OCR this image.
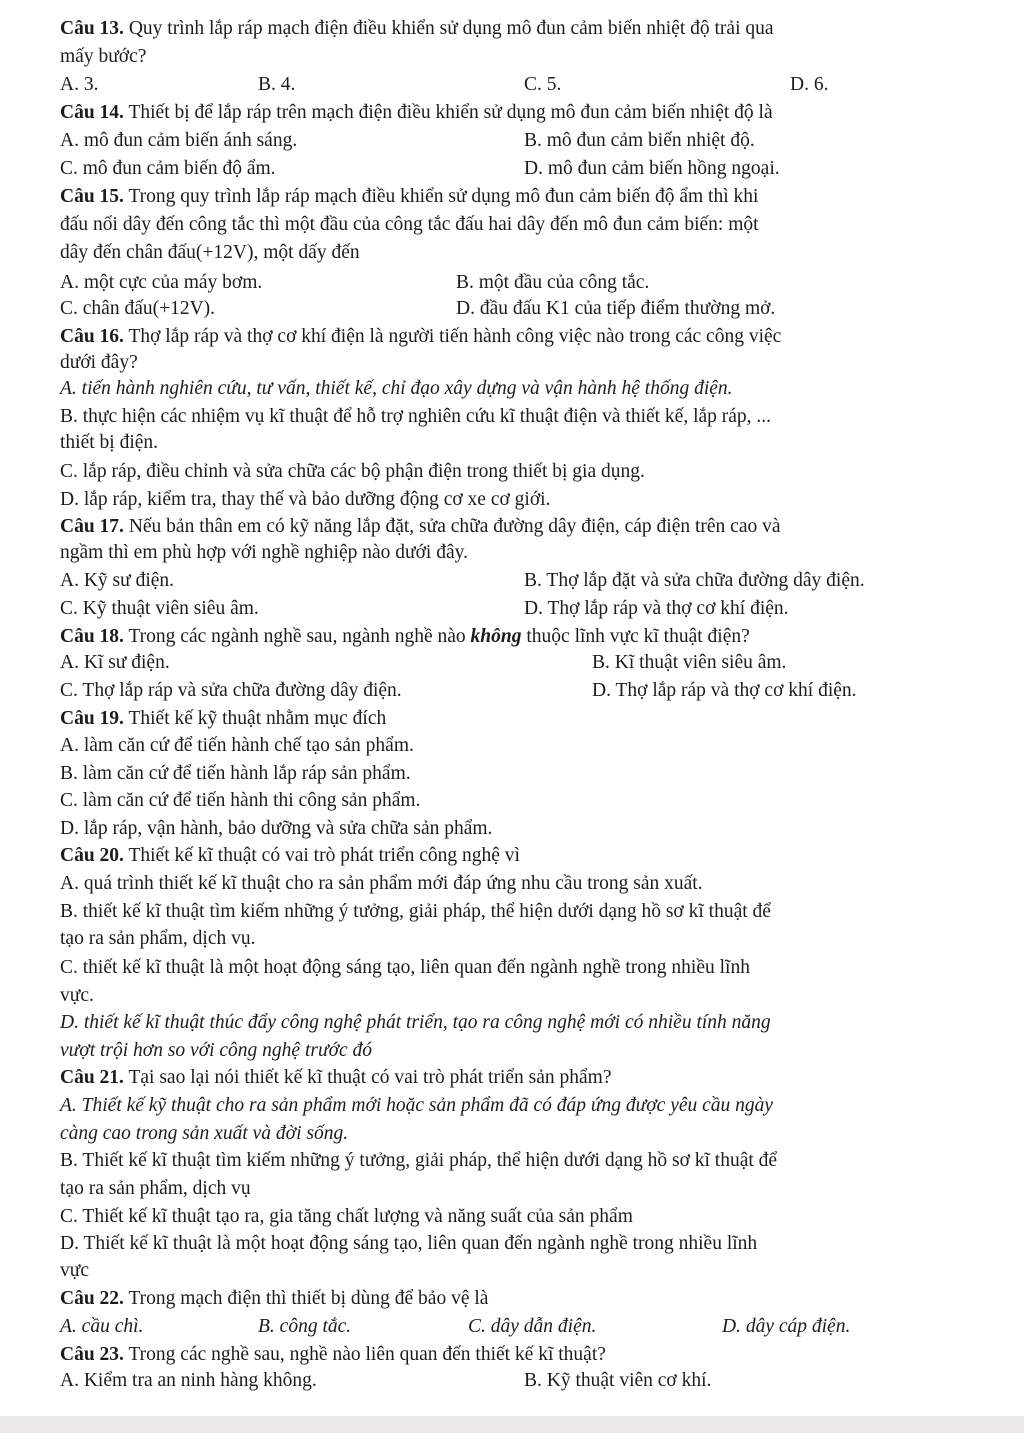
Câu 13. Quy trình lắp ráp mạch điện điều khiển sử dụng mô đun cảm biến nhiệt độ trải qua
mấy bước?
A. 3.	B. 4.	C. 5.	D. 6.
Câu 14. Thiết bị để lắp ráp trên mạch điện điều khiển sử dụng mô đun cảm biến nhiệt độ là
A. mô đun cảm biến ánh sáng.	B. mô đun cảm biến nhiệt độ.
C. mô đun cảm biến độ ẩm.	D. mô đun cảm biến hồng ngoại.
Câu 15. Trong quy trình lắp ráp mạch điều khiển sử dụng mô đun cảm biến độ ẩm thì khi
đấu nối dây đến công tắc thì một đầu của công tắc đấu hai dây đến mô đun cảm biến: một
dây đến chân đấu(+12V), một dấy đến
A. một cực của máy bơm.	B. một đầu của công tắc.
C. chân đấu(+12V).	D. đầu đấu K1 của tiếp điểm thường mở.
Câu 16. Thợ lắp ráp và thợ cơ khí điện là người tiến hành công việc nào trong các công việc
dưới đây?
A. tiến hành nghiên cứu, tư vấn, thiết kế, chỉ đạo xây dựng và vận hành hệ thống điện.
B. thực hiện các nhiệm vụ kĩ thuật để hỗ trợ nghiên cứu kĩ thuật điện và thiết kế, lắp ráp, ...
thiết bị điện.
C. lắp ráp, điều chỉnh và sửa chữa các bộ phận điện trong thiết bị gia dụng.
D. lắp ráp, kiểm tra, thay thế và bảo dưỡng động cơ xe cơ giới.
Câu 17. Nếu bản thân em có kỹ năng lắp đặt, sửa chữa đường dây điện, cáp điện trên cao và
ngầm thì em phù hợp với nghề nghiệp nào dưới đây.
A. Kỹ sư điện.	B. Thợ lắp đặt và sửa chữa đường dây điện.
C. Kỹ thuật viên siêu âm.	D. Thợ lắp ráp và thợ cơ khí điện.
Câu 18. Trong các ngành nghề sau, ngành nghề nào không thuộc lĩnh vực kĩ thuật điện?
A. Kĩ sư điện.	B. Kĩ thuật viên siêu âm.
C. Thợ lắp ráp và sửa chữa đường dây điện.	D. Thợ lắp ráp và thợ cơ khí điện.
Câu 19. Thiết kế kỹ thuật nhằm mục đích
A. làm căn cứ để tiến hành chế tạo sản phẩm.
B. làm căn cứ để tiến hành lắp ráp sản phẩm.
C. làm căn cứ để tiến hành thi công sản phẩm.
D. lắp ráp, vận hành, bảo dưỡng và sửa chữa sản phẩm.
Câu 20. Thiết kế kĩ thuật có vai trò phát triển công nghệ vì
A. quá trình thiết kế kĩ thuật cho ra sản phẩm mới đáp ứng nhu cầu trong sản xuất.
B. thiết kế kĩ thuật tìm kiếm những ý tưởng, giải pháp, thể hiện dưới dạng hồ sơ kĩ thuật để
tạo ra sản phẩm, dịch vụ.
C. thiết kế kĩ thuật là một hoạt động sáng tạo, liên quan đến ngành nghề trong nhiều lĩnh
vực.
D. thiết kế kĩ thuật thúc đẩy công nghệ phát triển, tạo ra công nghệ mới có nhiều tính năng
vượt trội hơn so với công nghệ trước đó
Câu 21. Tại sao lại nói thiết kế kĩ thuật có vai trò phát triển sản phẩm?
A. Thiết kế kỹ thuật cho ra sản phẩm mới hoặc sản phẩm đã có đáp ứng được yêu cầu ngày
càng cao trong sản xuất và đời sống.
B. Thiết kế kĩ thuật tìm kiếm những ý tưởng, giải pháp, thể hiện dưới dạng hồ sơ kĩ thuật để
tạo ra sản phẩm, dịch vụ
C. Thiết kế kĩ thuật tạo ra, gia tăng chất lượng và năng suất của sản phẩm
D. Thiết kế kĩ thuật là một hoạt động sáng tạo, liên quan đến ngành nghề trong nhiều lĩnh
vực
Câu 22. Trong mạch điện thì thiết bị dùng để bảo vệ là
A. cầu chì.	B. công tắc.	C. dây dẫn điện.	D. dây cáp điện.
Câu 23. Trong các nghề sau, nghề nào liên quan đến thiết kế kĩ thuật?
A. Kiểm tra an ninh hàng không.	B. Kỹ thuật viên cơ khí.
